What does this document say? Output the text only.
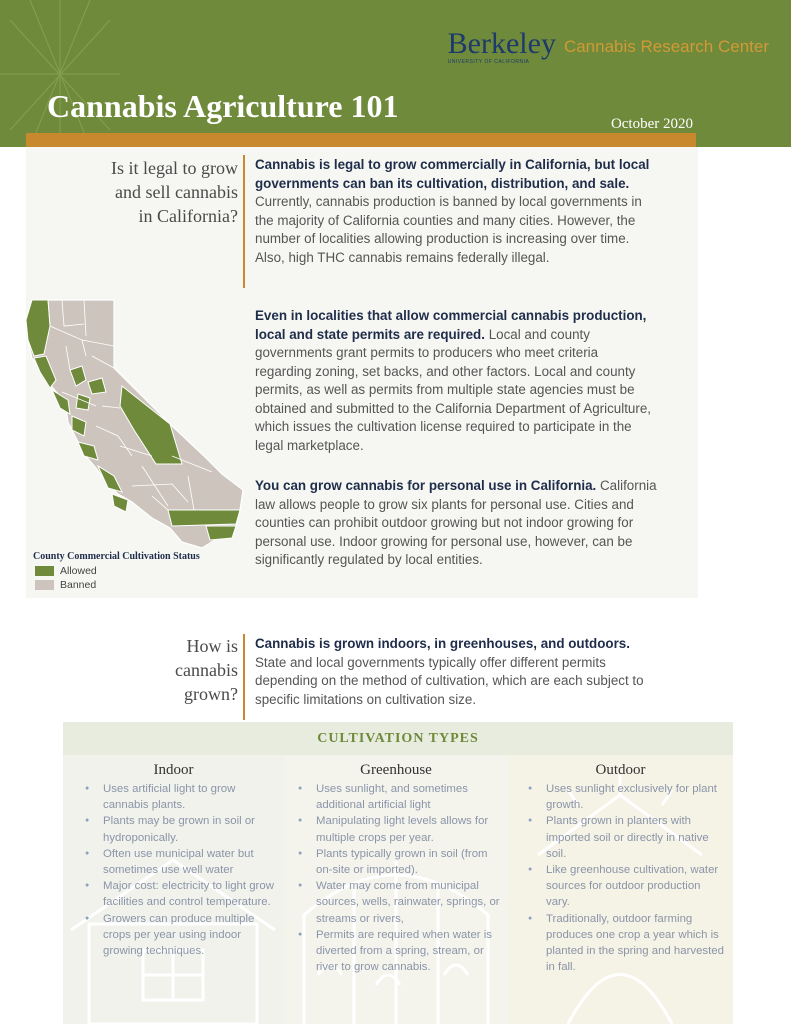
Berkeley
UNIVERSITY OF CALIFORNIA
Cannabis Research Center
Cannabis Agriculture 101	October 2020
Is it legal to grow and sell cannabis in California?

Cannabis is legal to grow commercially in California, but local governments can ban its cultivation, distribution, and sale. Currently, cannabis production is banned by local governments in the majority of California counties and many cities. However, the number of localities allowing production is increasing over time. Also, high THC cannabis remains federally illegal.

Even in localities that allow commercial cannabis production, local and state permits are required. Local and county governments grant permits to producers who meet criteria regarding zoning, set backs, and other factors. Local and county permits, as well as permits from multiple state agencies must be obtained and submitted to the California Department of Agriculture, which issues the cultivation license required to participate in the legal marketplace.

You can grow cannabis for personal use in California. California law allows people to grow six plants for personal use. Cities and counties can prohibit outdoor growing but not indoor growing for personal use. Indoor growing for personal use, however, can be significantly regulated by local entities.

County Commercial Cultivation Status
Allowed
Banned
How is cannabis grown?

Cannabis is grown indoors, in greenhouses, and outdoors. State and local governments typically offer different permits depending on the method of cultivation, which are each subject to specific limitations on cultivation size.

CULTIVATION TYPES
Indoor
● Uses artificial light to grow cannabis plants.
● Plants may be grown in soil or hydroponically.
● Often use municipal water but sometimes use well water
● Major cost: electricity to light grow facilities and control temperature.
● Growers can produce multiple crops per year using indoor growing techniques.
Greenhouse
● Uses sunlight, and sometimes additional artificial light
● Manipulating light levels allows for multiple crops per year.
● Plants typically grown in soil (from on-site or imported).
● Water may come from municipal sources, wells, rainwater, springs, or streams or rivers,
● Permits are required when water is diverted from a spring, stream, or river to grow cannabis.
Outdoor
● Uses sunlight exclusively for plant growth.
● Plants grown in planters with imported soil or directly in native soil.
● Like greenhouse cultivation, water sources for outdoor production vary.
● Traditionally, outdoor farming produces one crop a year which is planted in the spring and harvested in fall.
